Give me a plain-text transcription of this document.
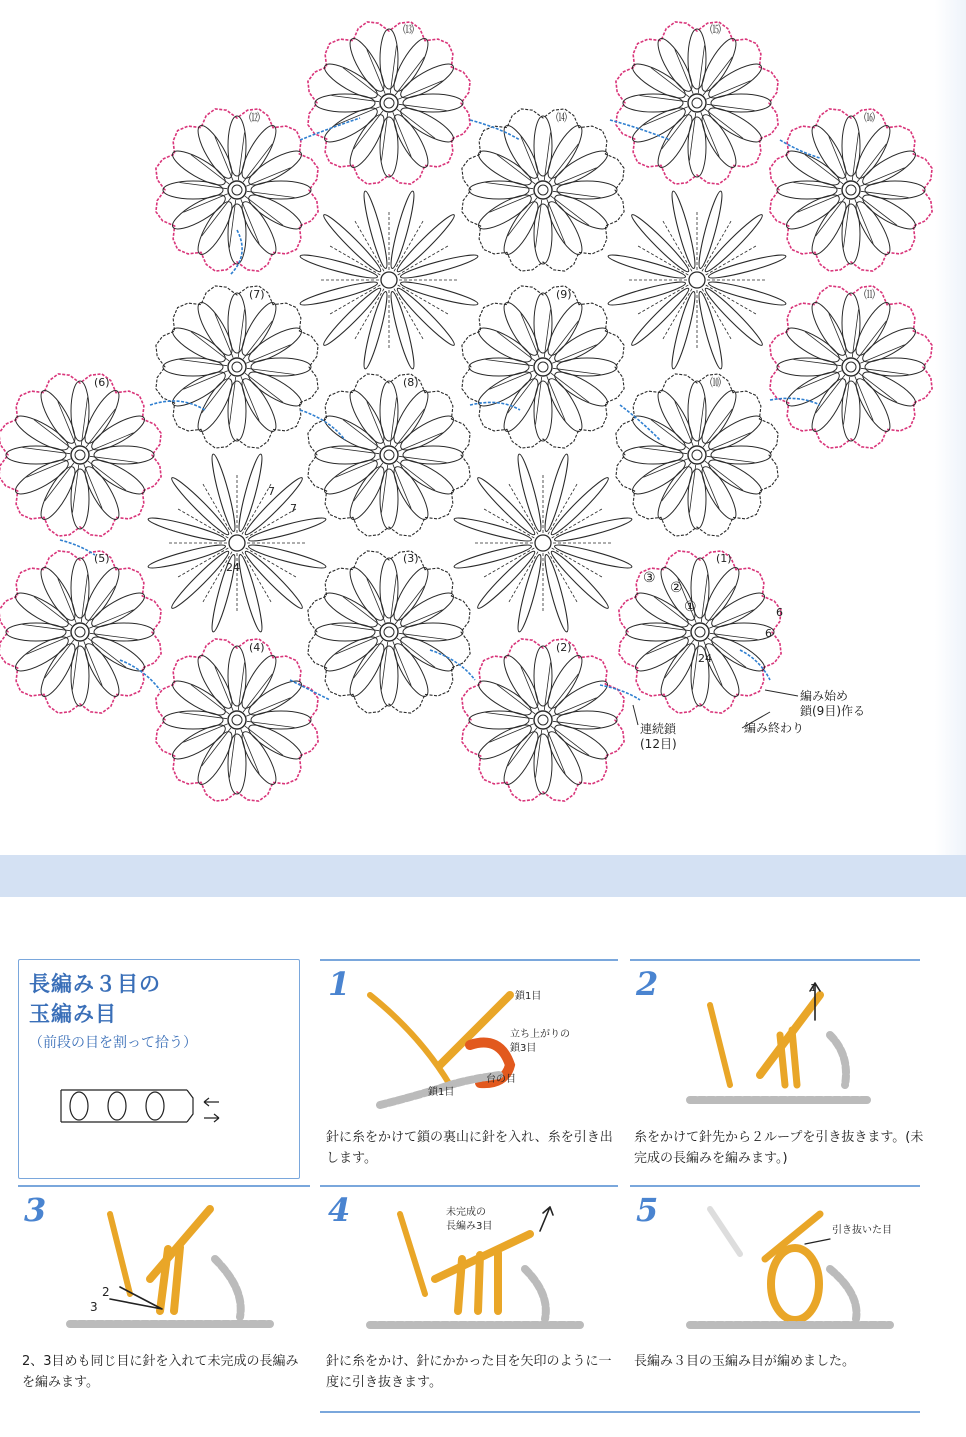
⒀	⒂
⑿	⒁	⒃
(7)	(9)	⑾
(6)	(8)	⑽
(5)	(3)	(1)
(4)	(2)
③
②
①
24
24
7
7
6
6
編み始め
鎖(9目)作る
編み終わり
連続鎖
(12目)
長編み３目の
玉編み目
（前段の目を割って拾う）
1	鎖1目
立ち上がりの
鎖3目
台の目
鎖1目
針に糸をかけて鎖の裏山に針を入れ、糸を引き出します。
2	1
糸をかけて針先から２ループを引き抜きます。(未完成の長編みを編みます。)
3
2
3
2、3目めも同じ目に針を入れて未完成の長編みを編みます。
4	未完成の
長編み3目
針に糸をかけ、針にかかった目を矢印のように一度に引き抜きます。
5
引き抜いた目
長編み３目の玉編み目が編めました。
